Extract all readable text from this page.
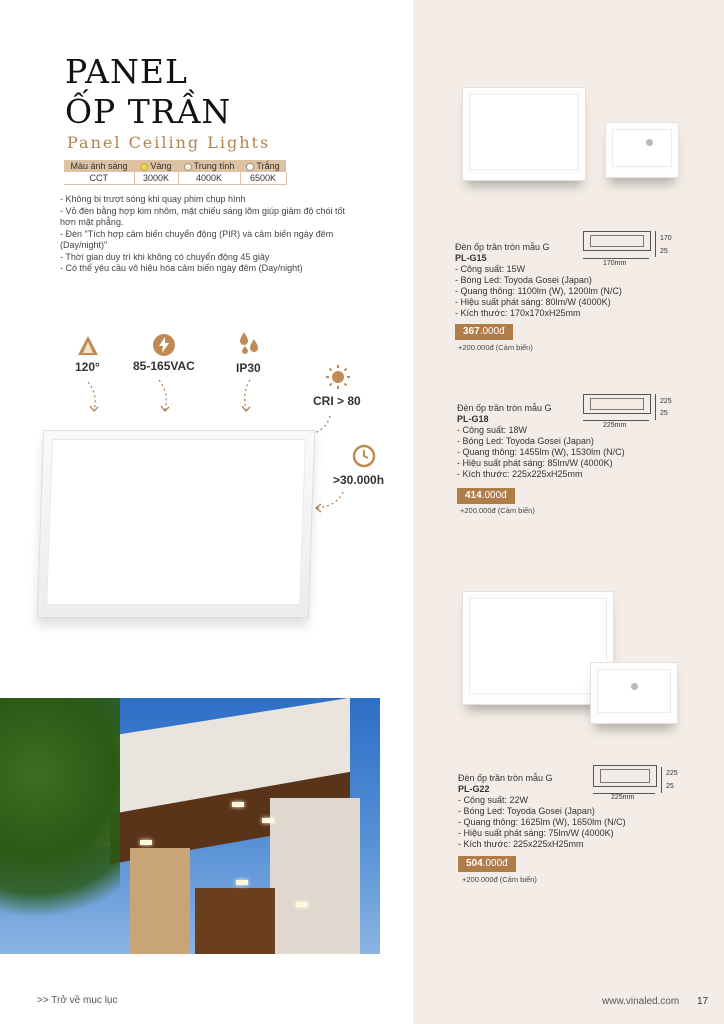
PANEL
ỐP TRẦN
Panel Ceiling Lights
Màu ánh sáng	Vàng	Trung tính	Trắng
CCT	3000K	4000K	6500K
- Không bị trượt sóng khi quay phim chụp hình
- Vỏ đèn bằng hợp kim nhôm, mặt chiếu sáng lõm giúp giảm độ chói tốt hơn mặt phẳng.
- Đèn "Tích hợp cảm biến chuyển động (PIR) và cảm biến ngày đêm (Day/night)"
- Thời gian duy trì khi không có chuyển động 45 giây
- Có thể yêu cầu vô hiệu hóa cảm biến ngày đêm (Day/night)
120°	85-165VAC	IP30
CRI > 80
>30.000h
170mm
170
25
Đèn ốp trần tròn mẫu G
PL-G15
- Công suất: 15W
- Bóng Led: Toyoda Gosei (Japan)
- Quang thông: 1100lm (W), 1200lm (N/C)
- Hiệu suất phát sáng: 80lm/W (4000K)
- Kích thước: 170x170xH25mm
367.000đ
+200.000đ (Cảm biến)
225mm
225
25
Đèn ốp trần tròn mẫu G
PL-G18
- Công suất: 18W
- Bóng Led: Toyoda Gosei (Japan)
- Quang thông: 1455lm (W), 1530lm (N/C)
- Hiệu suất phát sáng: 85lm/W (4000K)
- Kích thước: 225x225xH25mm
414.000đ
+200.000đ (Cảm biến)
225mm
225
25
Đèn ốp trần tròn mẫu G
PL-G22
- Công suất: 22W
- Bóng Led: Toyoda Gosei (Japan)
- Quang thông: 1625lm (W), 1650lm (N/C)
- Hiệu suất phát sáng: 75lm/W (4000K)
- Kích thước: 225x225xH25mm
504.000đ
+200.000đ (Cảm biến)
>> Trở về mục lục	www.vinaled.com 17
